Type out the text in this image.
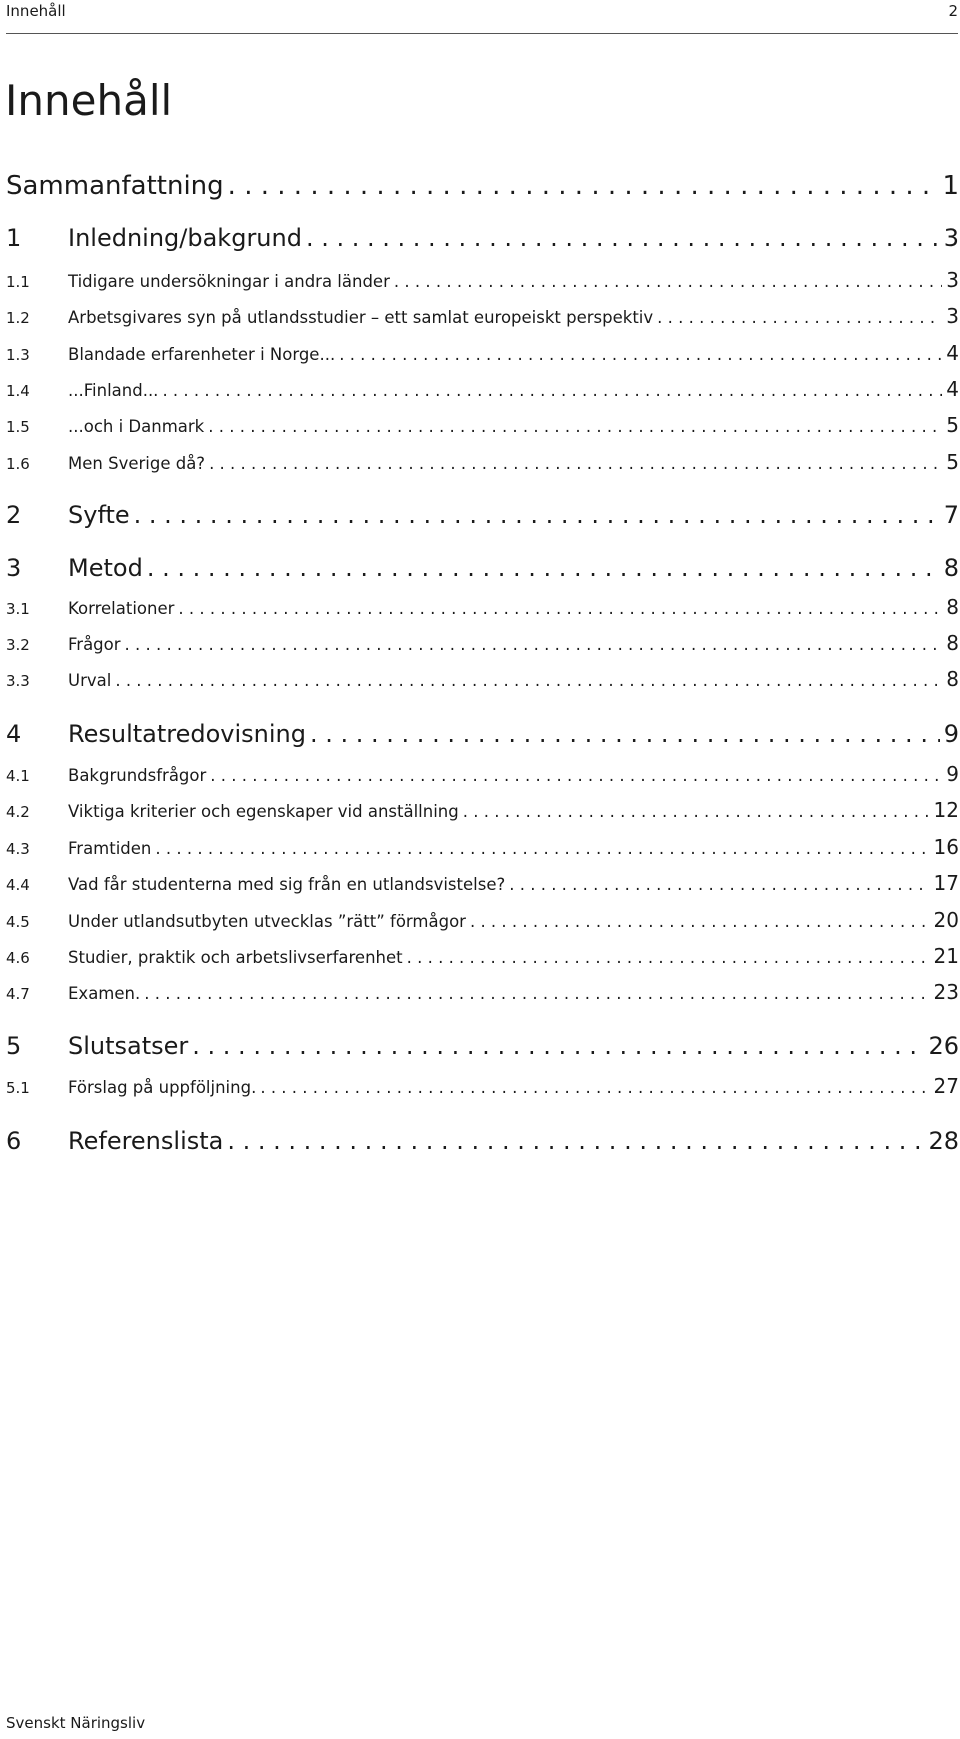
Innehåll	2
Innehåll
Sammanfattning . . .	1
1	Inledning/bakgrund . . .	3
1.1	Tidigare undersökningar i andra länder . . .	3
1.2	Arbetsgivares syn på utlandsstudier – ett samlat europeiskt perspektiv . . .	3
1.3	Blandade erfarenheter i Norge... . . .	4
1.4	...Finland... . . .	4
1.5	...och i Danmark . . .	5
1.6	Men Sverige då? . . .	5
2	Syfte . . .	7
3	Metod . . .	8
3.1	Korrelationer . . .	8
3.2	Frågor . . .	8
3.3	Urval . . .	8
4	Resultatredovisning . . .	9
4.1	Bakgrundsfrågor . . .	9
4.2	Viktiga kriterier och egenskaper vid anställning . . .	12
4.3	Framtiden . . .	16
4.4	Vad får studenterna med sig från en utlandsvistelse? . . .	17
4.5	Under utlandsutbyten utvecklas ”rätt” förmågor . . .	20
4.6	Studier, praktik och arbetslivserfarenhet . . .	21
4.7	Examen. . . .	23
5	Slutsatser . . .	26
5.1	Förslag på uppföljning. . . .	27
6	Referenslista . . .	28
Svenskt Näringsliv
